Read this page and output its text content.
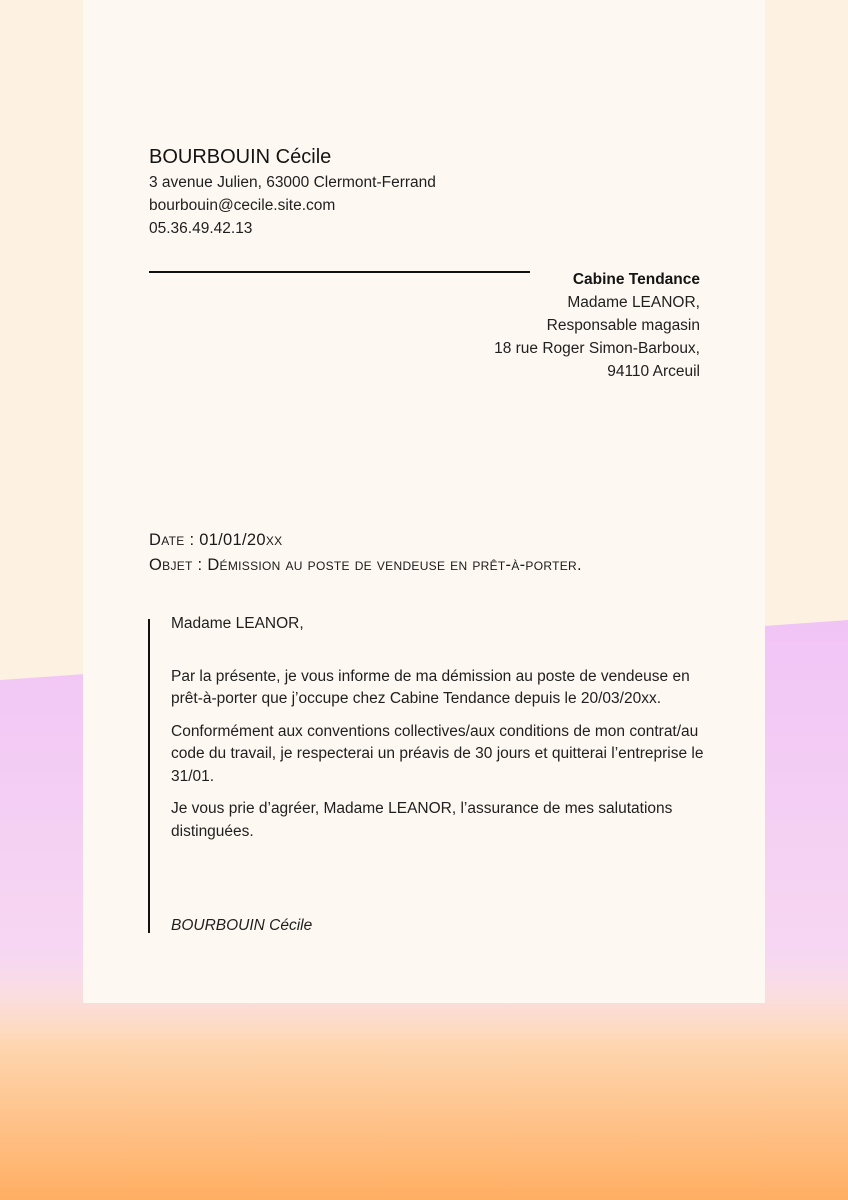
BOURBOUIN Cécile
3 avenue Julien, 63000 Clermont-Ferrand
bourbouin@cecile.site.com
05.36.49.42.13
Cabine Tendance
Madame LEANOR,
Responsable magasin
18 rue Roger Simon-Barboux,
94110 Arceuil
Date : 01/01/20xx
Objet : Démission au poste de vendeuse en prêt-à-porter.

Madame LEANOR,

Par la présente, je vous informe de ma démission au poste de vendeuse en prêt-à-porter que j’occupe chez Cabine Tendance depuis le 20/03/20xx.

Conformément aux conventions collectives/aux conditions de mon contrat/au code du travail, je respecterai un préavis de 30 jours et quitterai l’entreprise le 31/01.

Je vous prie d’agréer, Madame LEANOR, l’assurance de mes salutations distinguées.

BOURBOUIN Cécile
